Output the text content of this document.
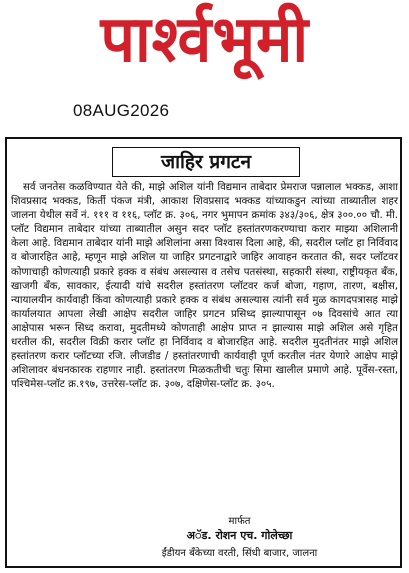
पार्श्वभूमी
08AUG2026
जाहिर प्रगटन

सर्व जनतेस कळविण्यात येते की, माझे अशिल यांनी विद्यमान ताबेदार प्रेमराज पन्नालाल भक्कड, आशा शिवप्रसाद भक्कड, किर्ती पंकज मंत्री, आकाश शिवप्रसाद भक्कड यांच्याकडुन त्यांच्या ताब्यातील शहर जालना येथील सर्वे नं. १११ व ११६, प्लॉट क्र. ३०६, नगर भुमापन क्रमांक ३४३/३०६, क्षेत्र ३००.०० चौ. मी. प्लॉट विद्यमान ताबेदार यांच्या ताब्यातील असुन सदर प्लॉट हस्तांतरणकरण्याचा करार माझ्या अशिलानी केला आहे. विद्यमान ताबेदार यांनी माझे अशिलांना असा विश्वास दिला आहे, की, सदरील प्लॉट हा निर्विवाद व बोजारहित आहे, म्हणून माझे अशिल या जाहिर प्रगटनाद्वारे जाहिर आवाहन करतात की, सदर प्लॉटवर कोणाचाही कोणत्याही प्रकारे हक्क व संबंध असल्यास व तसेच पतसंस्था, सहकारी संस्था, राष्ट्रीयकृत बँक, खाजगी बँक, सावकार, ईत्यादी यांचे सदरील हस्तांतरण प्लॉटवर कर्ज बोजा, गहाण, तारण, बक्षीस, न्यायालयीन कार्यवाही किंवा कोणत्याही प्रकारे हक्क व संबंध असल्यास त्यांनी सर्व मुळ कागदपत्रासह माझे कार्यालयात आपला लेखी आक्षेप सदरील जाहिर प्रगटन प्रसिध्द झाल्यापासून ०७ दिवसांचे आत त्या आक्षेपास भरून सिध्द करावा, मुदतीमध्ये कोणताही आक्षेप प्राप्त न झाल्यास माझे अशिल असे गृहित धरतील की, सदरील विक्री करार प्लॉट हा निर्विवाद व बोजारहित आहे. सदरील मुदतीनंतर माझे अशिल हस्तांतरण करार प्लॉटच्या रजि. लीजडीड / हस्तांतरणाची कार्यवाही पूर्ण करतील नंतर येणारे आक्षेप माझे अशिलावर बंधनकारक राहणार नाही. हस्तांतरण मिळकतीची चतुः सिमा खालील प्रमाणे आहे. पूर्वेस-रस्ता, पश्चिमेस-प्लॉट क्र.१९७, उत्तरेस-प्लॉट क्र. ३०७, दक्षिणेस-प्लॉट क्र. ३०५.

मार्फत
अॅड. रोशन एच. गोलेच्छा
ईंडीयन बँकेच्या वरती, सिंधी बाजार, जालना
